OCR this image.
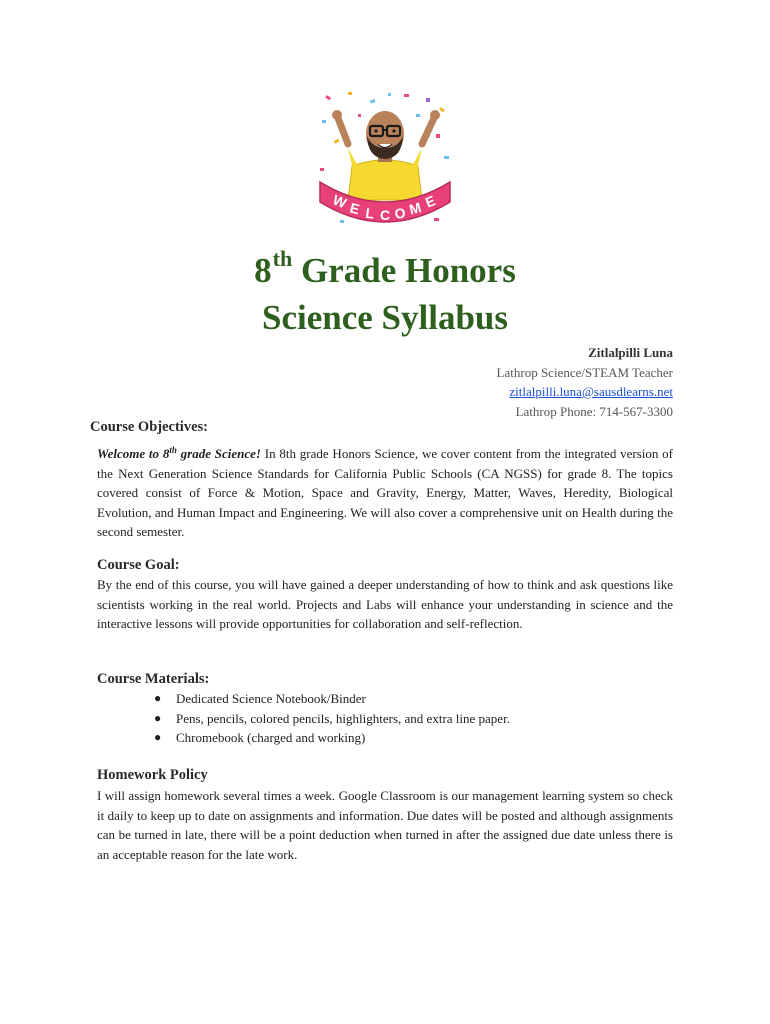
W E L C O M E
8th Grade Honors
Science Syllabus
Zitlalpilli Luna
Lathrop Science/STEAM Teacher
zitlalpilli.luna@sausdlearns.net
Lathrop Phone: 714-567-3300
Course Objectives:
Welcome to 8th grade Science! In 8th grade Honors Science, we cover content from the integrated version of the Next Generation Science Standards for California Public Schools (CA NGSS) for grade 8. The topics covered consist of Force & Motion, Space and Gravity, Energy, Matter, Waves, Heredity, Biological Evolution, and Human Impact and Engineering. We will also cover a comprehensive unit on Health during the second semester.
Course Goal:
By the end of this course, you will have gained a deeper understanding of how to think and ask questions like scientists working in the real world. Projects and Labs will enhance your understanding in science and the interactive lessons will provide opportunities for collaboration and self-reflection.
Course Materials:
● Dedicated Science Notebook/Binder
● Pens, pencils, colored pencils, highlighters, and extra line paper.
● Chromebook (charged and working)
Homework Policy
I will assign homework several times a week. Google Classroom is our management learning system so check it daily to keep up to date on assignments and information. Due dates will be posted and although assignments can be turned in late, there will be a point deduction when turned in after the assigned due date unless there is an acceptable reason for the late work.
